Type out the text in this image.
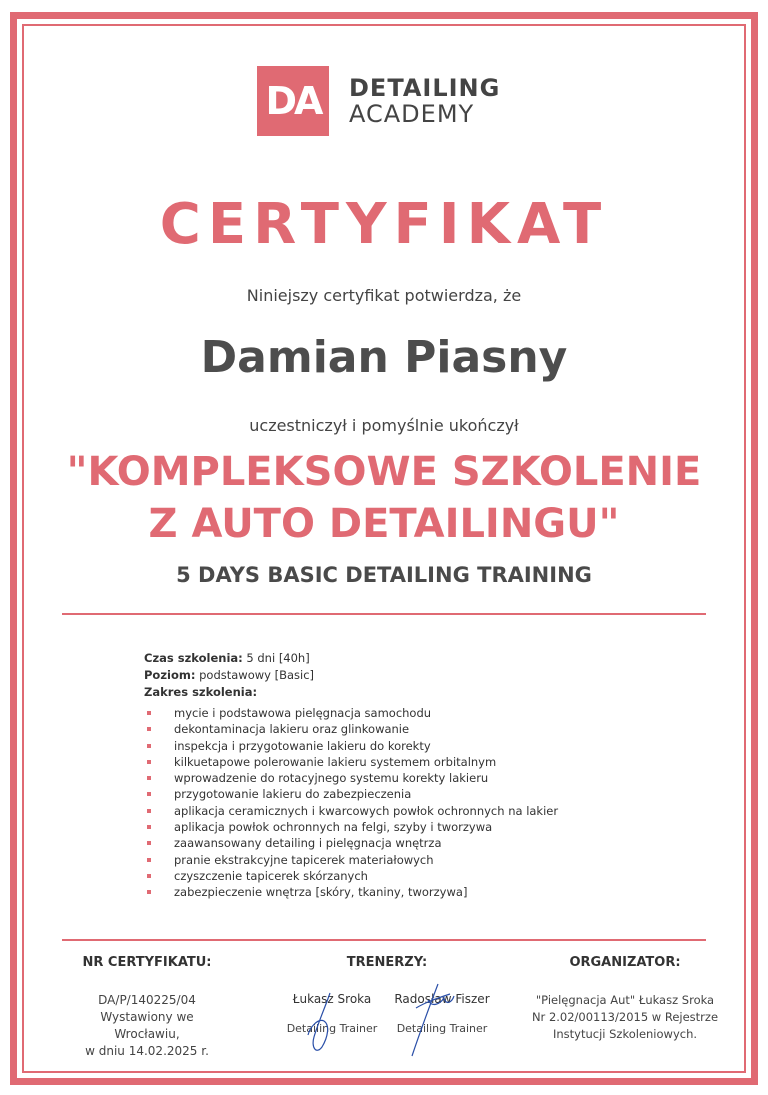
DA	DETAILING
ACADEMY
CERTYFIKAT
Niniejszy certyfikat potwierdza, że
Damian Piasny
uczestniczył i pomyślnie ukończył
"KOMPLEKSOWE SZKOLENIE
Z AUTO DETAILINGU"
5 DAYS BASIC DETAILING TRAINING
Czas szkolenia: 5 dni [40h]
Poziom: podstawowy [Basic]
Zakres szkolenia:
mycie i podstawowa pielęgnacja samochodu
dekontaminacja lakieru oraz glinkowanie
inspekcja i przygotowanie lakieru do korekty
kilkuetapowe polerowanie lakieru systemem orbitalnym
wprowadzenie do rotacyjnego systemu korekty lakieru
przygotowanie lakieru do zabezpieczenia
aplikacja ceramicznych i kwarcowych powłok ochronnych na lakier
aplikacja powłok ochronnych na felgi, szyby i tworzywa
zaawansowany detailing i pielęgnacja wnętrza
pranie ekstrakcyjne tapicerek materiałowych
czyszczenie tapicerek skórzanych
zabezpieczenie wnętrza [skóry, tkaniny, tworzywa]
NR CERTYFIKATU:
DA/P/140225/04
Wystawiony we
Wrocławiu,
w dniu 14.02.2025 r.
TRENERZY:
Łukasz Sroka
Detailing Trainer
Radosław Fiszer
Detailing Trainer
ORGANIZATOR:
"Pielęgnacja Aut" Łukasz Sroka
Nr 2.02/00113/2015 w Rejestrze
Instytucji Szkoleniowych.
